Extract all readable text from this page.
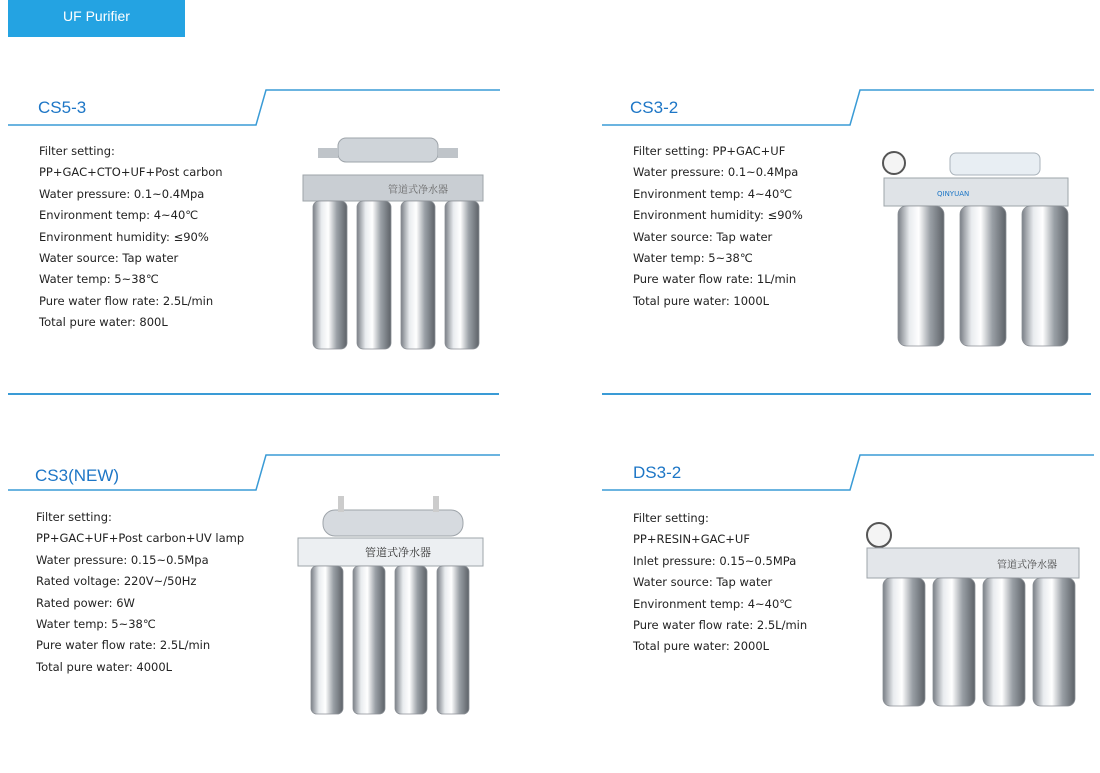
UF Purifier
CS5-3
Filter setting:
PP+GAC+CTO+UF+Post carbon
Water pressure: 0.1~0.4Mpa
Environment temp: 4~40℃
Environment humidity: ≤90%
Water source: Tap water
Water temp: 5~38℃
Pure water flow rate: 2.5L/min
Total pure water: 800L
管道式净水器
CS3-2
Filter setting: PP+GAC+UF
Water pressure: 0.1~0.4Mpa
Environment temp: 4~40℃
Environment humidity: ≤90%
Water source: Tap water
Water temp: 5~38℃
Pure water flow rate: 1L/min
Total pure water: 1000L
QINYUAN
CS3(NEW)
Filter setting:
PP+GAC+UF+Post carbon+UV lamp
Water pressure: 0.15~0.5Mpa
Rated voltage: 220V~/50Hz
Rated power: 6W
Water temp: 5~38℃
Pure water flow rate: 2.5L/min
Total pure water: 4000L
管道式净水器
DS3-2
Filter setting:
PP+RESIN+GAC+UF
Inlet pressure: 0.15~0.5MPa
Water source: Tap water
Environment temp: 4~40℃
Pure water flow rate: 2.5L/min
Total pure water: 2000L
管道式净水器
